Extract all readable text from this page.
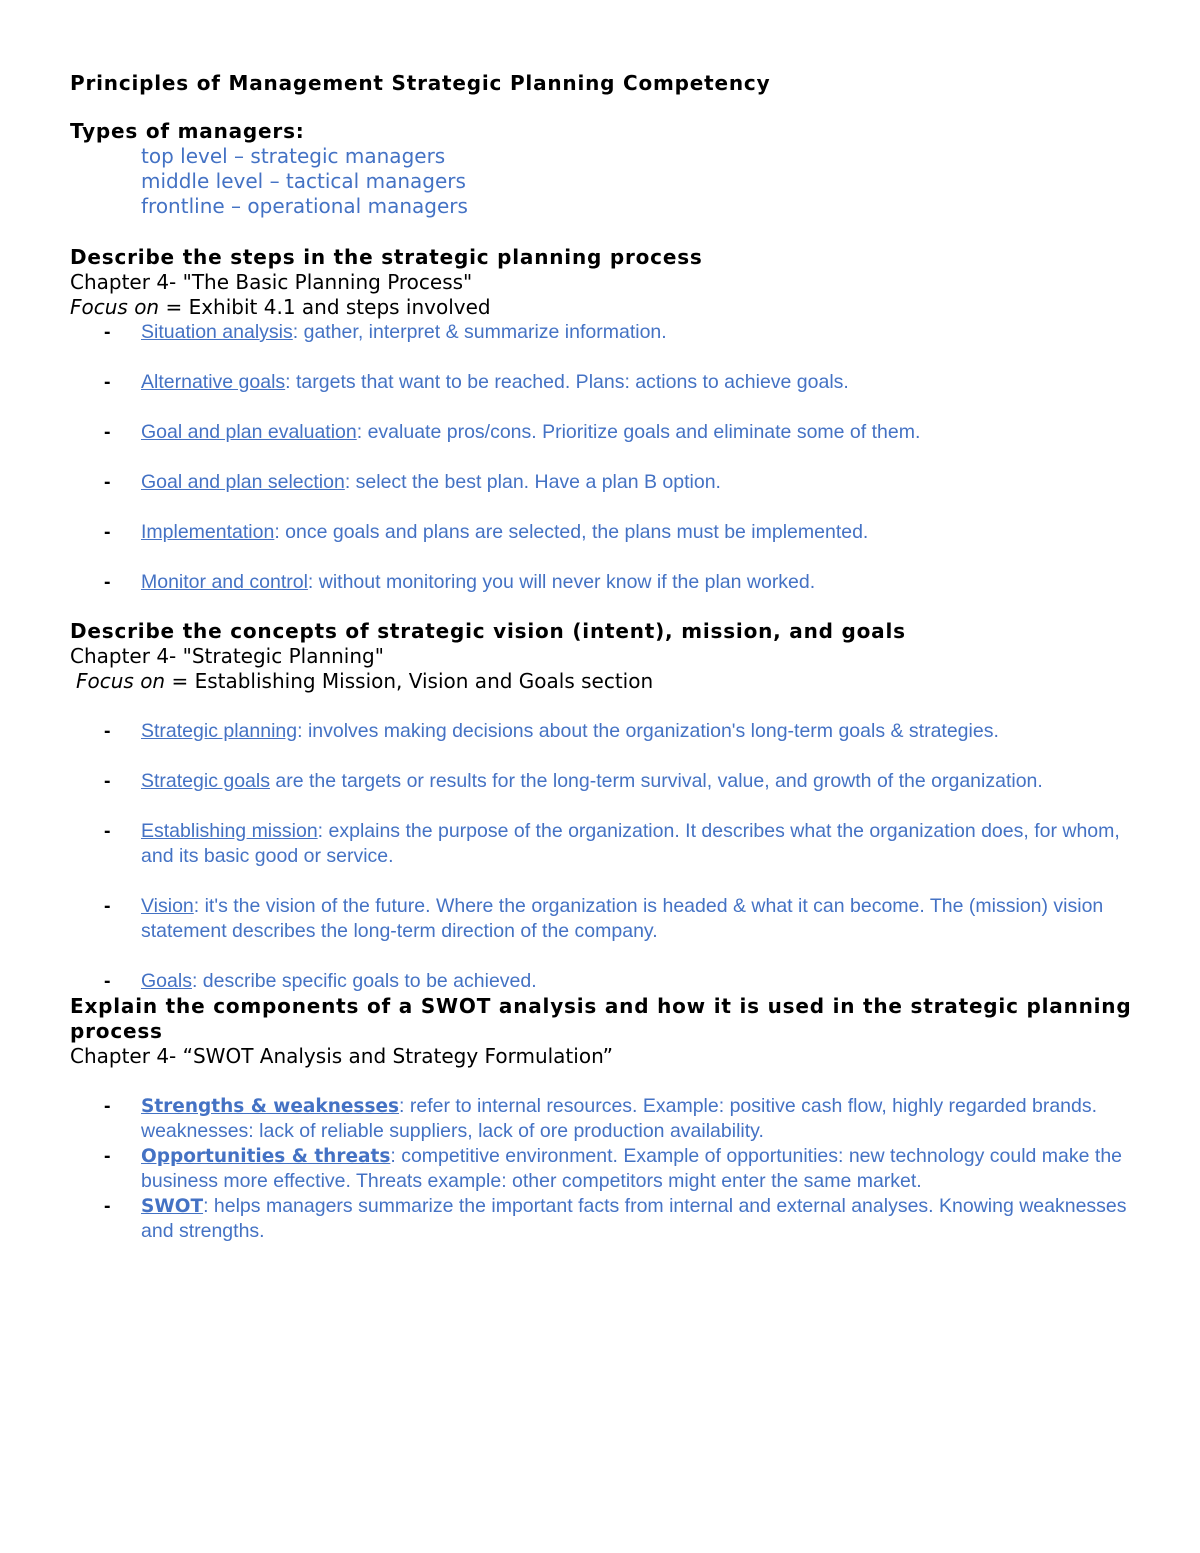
Principles of Management Strategic Planning Competency
Types of managers:
top level – strategic managers
middle level – tactical managers
frontline – operational managers
Describe the steps in the strategic planning process
Chapter 4- "The Basic Planning Process"
Focus on = Exhibit 4.1 and steps involved
- Situation analysis: gather, interpret & summarize information.
- Alternative goals: targets that want to be reached. Plans: actions to achieve goals.
- Goal and plan evaluation: evaluate pros/cons. Prioritize goals and eliminate some of them.
- Goal and plan selection: select the best plan. Have a plan B option.
- Implementation: once goals and plans are selected, the plans must be implemented.
- Monitor and control: without monitoring you will never know if the plan worked.
Describe the concepts of strategic vision (intent), mission, and goals
Chapter 4- "Strategic Planning"
Focus on = Establishing Mission, Vision and Goals section
- Strategic planning: involves making decisions about the organization's long-term goals & strategies.
- Strategic goals are the targets or results for the long-term survival, value, and growth of the organization.
- Establishing mission: explains the purpose of the organization. It describes what the organization does, for whom, and its basic good or service.
- Vision: it's the vision of the future. Where the organization is headed & what it can become. The (mission) vision statement describes the long-term direction of the company.
- Goals: describe specific goals to be achieved.
Explain the components of a SWOT analysis and how it is used in the strategic planning process
Chapter 4- “SWOT Analysis and Strategy Formulation”
- Strengths & weaknesses: refer to internal resources. Example: positive cash flow, highly regarded brands. weaknesses: lack of reliable suppliers, lack of ore production availability.
- Opportunities & threats: competitive environment. Example of opportunities: new technology could make the business more effective. Threats example: other competitors might enter the same market.
- SWOT: helps managers summarize the important facts from internal and external analyses. Knowing weaknesses and strengths.
